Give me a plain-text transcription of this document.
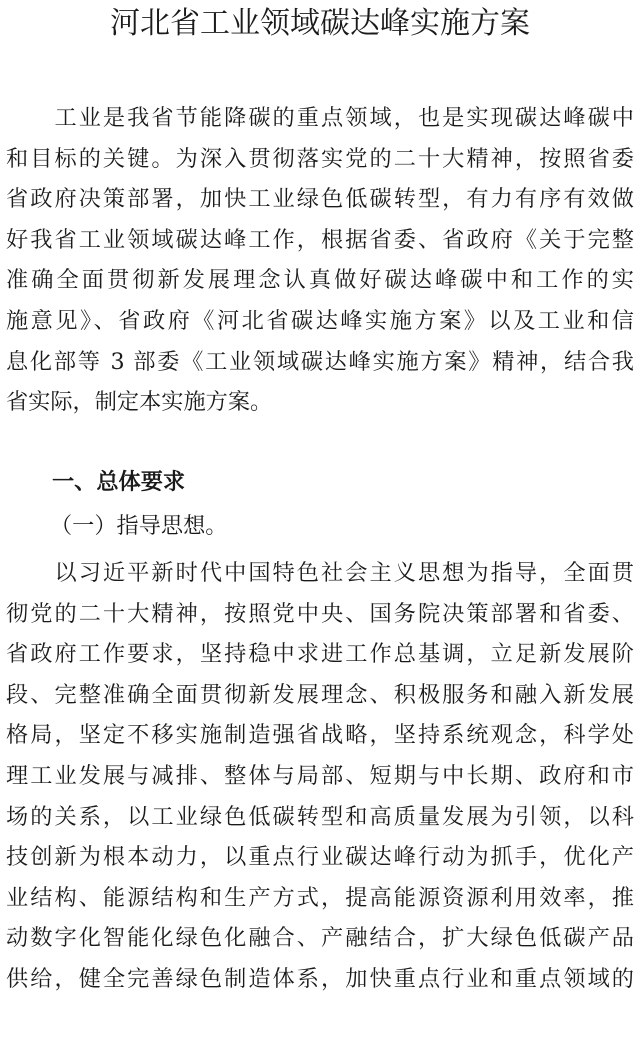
河北省工业领域碳达峰实施方案
　　工业是我省节能降碳的重点领域，也是实现碳达峰碳中
和目标的关键。为深入贯彻落实党的二十大精神，按照省委
省政府决策部署，加快工业绿色低碳转型，有力有序有效做
好我省工业领域碳达峰工作，根据省委、省政府《关于完整
准确全面贯彻新发展理念认真做好碳达峰碳中和工作的实
施意见》、省政府《河北省碳达峰实施方案》以及工业和信
息化部等 3 部委《工业领域碳达峰实施方案》精神，结合我
省实际，制定本实施方案。
一、总体要求
（一）指导思想。
　　以习近平新时代中国特色社会主义思想为指导，全面贯
彻党的二十大精神，按照党中央、国务院决策部署和省委、
省政府工作要求，坚持稳中求进工作总基调，立足新发展阶
段、完整准确全面贯彻新发展理念、积极服务和融入新发展
格局，坚定不移实施制造强省战略，坚持系统观念，科学处
理工业发展与减排、整体与局部、短期与中长期、政府和市
场的关系，以工业绿色低碳转型和高质量发展为引领，以科
技创新为根本动力，以重点行业碳达峰行动为抓手，优化产
业结构、能源结构和生产方式，提高能源资源利用效率，推
动数字化智能化绿色化融合、产融结合，扩大绿色低碳产品
供给，健全完善绿色制造体系，加快重点行业和重点领域的
